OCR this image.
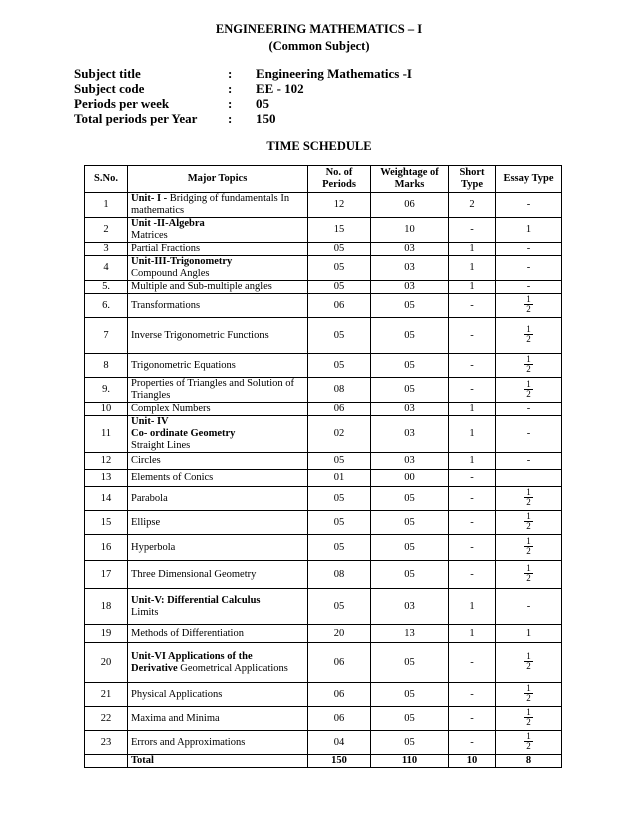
ENGINEERING MATHEMATICS – I
(Common Subject)
Subject title	: Engineering Mathematics -I
Subject code	: EE - 102
Periods per week	: 05
Total periods per Year : 150
TIME SCHEDULE
S.No.	Major Topics	No. of Periods	Weightage of Marks	Short Type	Essay Type
1	Unit- I - Bridging of fundamentals In mathematics	12	06	2	-
2	Unit -II-Algebra
Matrices	15	10	-	1
3	Partial Fractions	05	03	1	-
4	Unit-III-Trigonometry
Compound Angles	05	03	1	-
5.	Multiple and Sub-multiple angles	05	03	1	-
6.	Transformations	06	05	-	$\frac{1}{2}$

7	Inverse Trigonometric Functions	05	05	-	$\frac{1}{2}$

8	Trigonometric Equations	05	05	-	$\frac{1}{2}$

9.	Properties of Triangles and Solution of Triangles	08	05	-	$\frac{1}{2}$

10	Complex Numbers	06	03	1	-
11	Unit- IV
Co- ordinate Geometry
Straight Lines	02	03	1	-
12	Circles	05	03	1	-
13	Elements of Conics	01	00	-	
14	Parabola	05	05	-	$\frac{1}{2}$

15	Ellipse	05	05	-	$\frac{1}{2}$

16	Hyperbola	05	05	-	$\frac{1}{2}$

17	Three Dimensional Geometry	08	05	-	$\frac{1}{2}$

18	Unit-V: Differential Calculus
Limits	05	03	1	-
19	Methods of Differentiation	20	13	1	1
20	Unit-VI Applications of the
Derivative Geometrical Applications	06	05	-	$\frac{1}{2}$

21	Physical Applications	06	05	-	$\frac{1}{2}$

22	Maxima and Minima	06	05	-	$\frac{1}{2}$

23	Errors and Approximations	04	05	-	$\frac{1}{2}$

	Total	150	110	10	8
